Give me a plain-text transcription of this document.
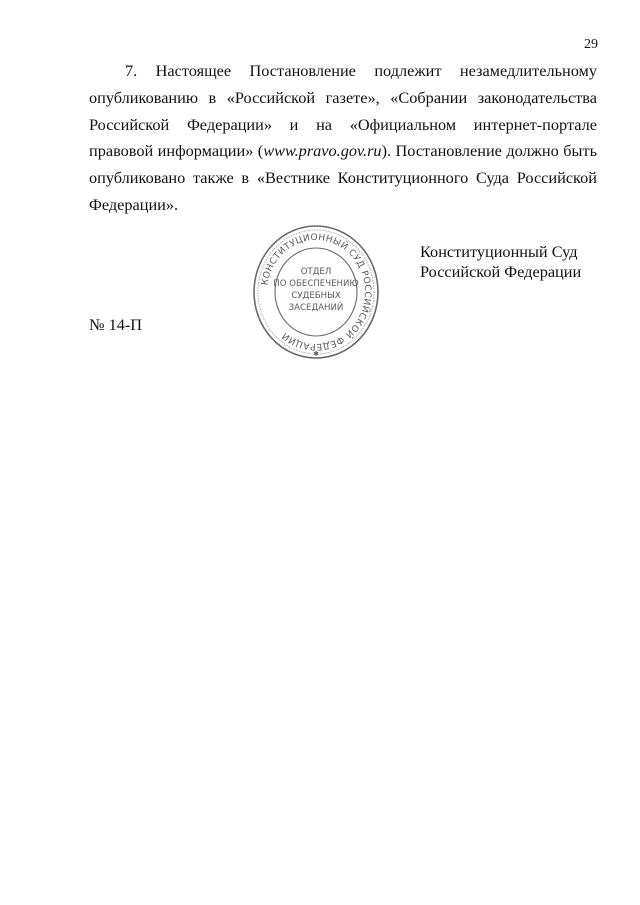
29

7. Настоящее Постановление подлежит незамедлительному опубликованию в «Российской газете», «Собрании законодательства Российской Федерации» и на «Официальном интернет-портале правовой информации» (www.pravo.gov.ru). Постановление должно быть опубликовано также в «Вестнике Конституционного Суда Российской Федерации».

Конституционный Суд
Российской Федерации
№ 14-П
КОНСТИТУЦИОННЫЙ СУД РОССИЙСКОЙ ФЕДЕРАЦИИ
ОТДЕЛ
ПО ОБЕСПЕЧЕНИЮ
СУДЕБНЫХ
ЗАСЕДАНИЙ
✱
